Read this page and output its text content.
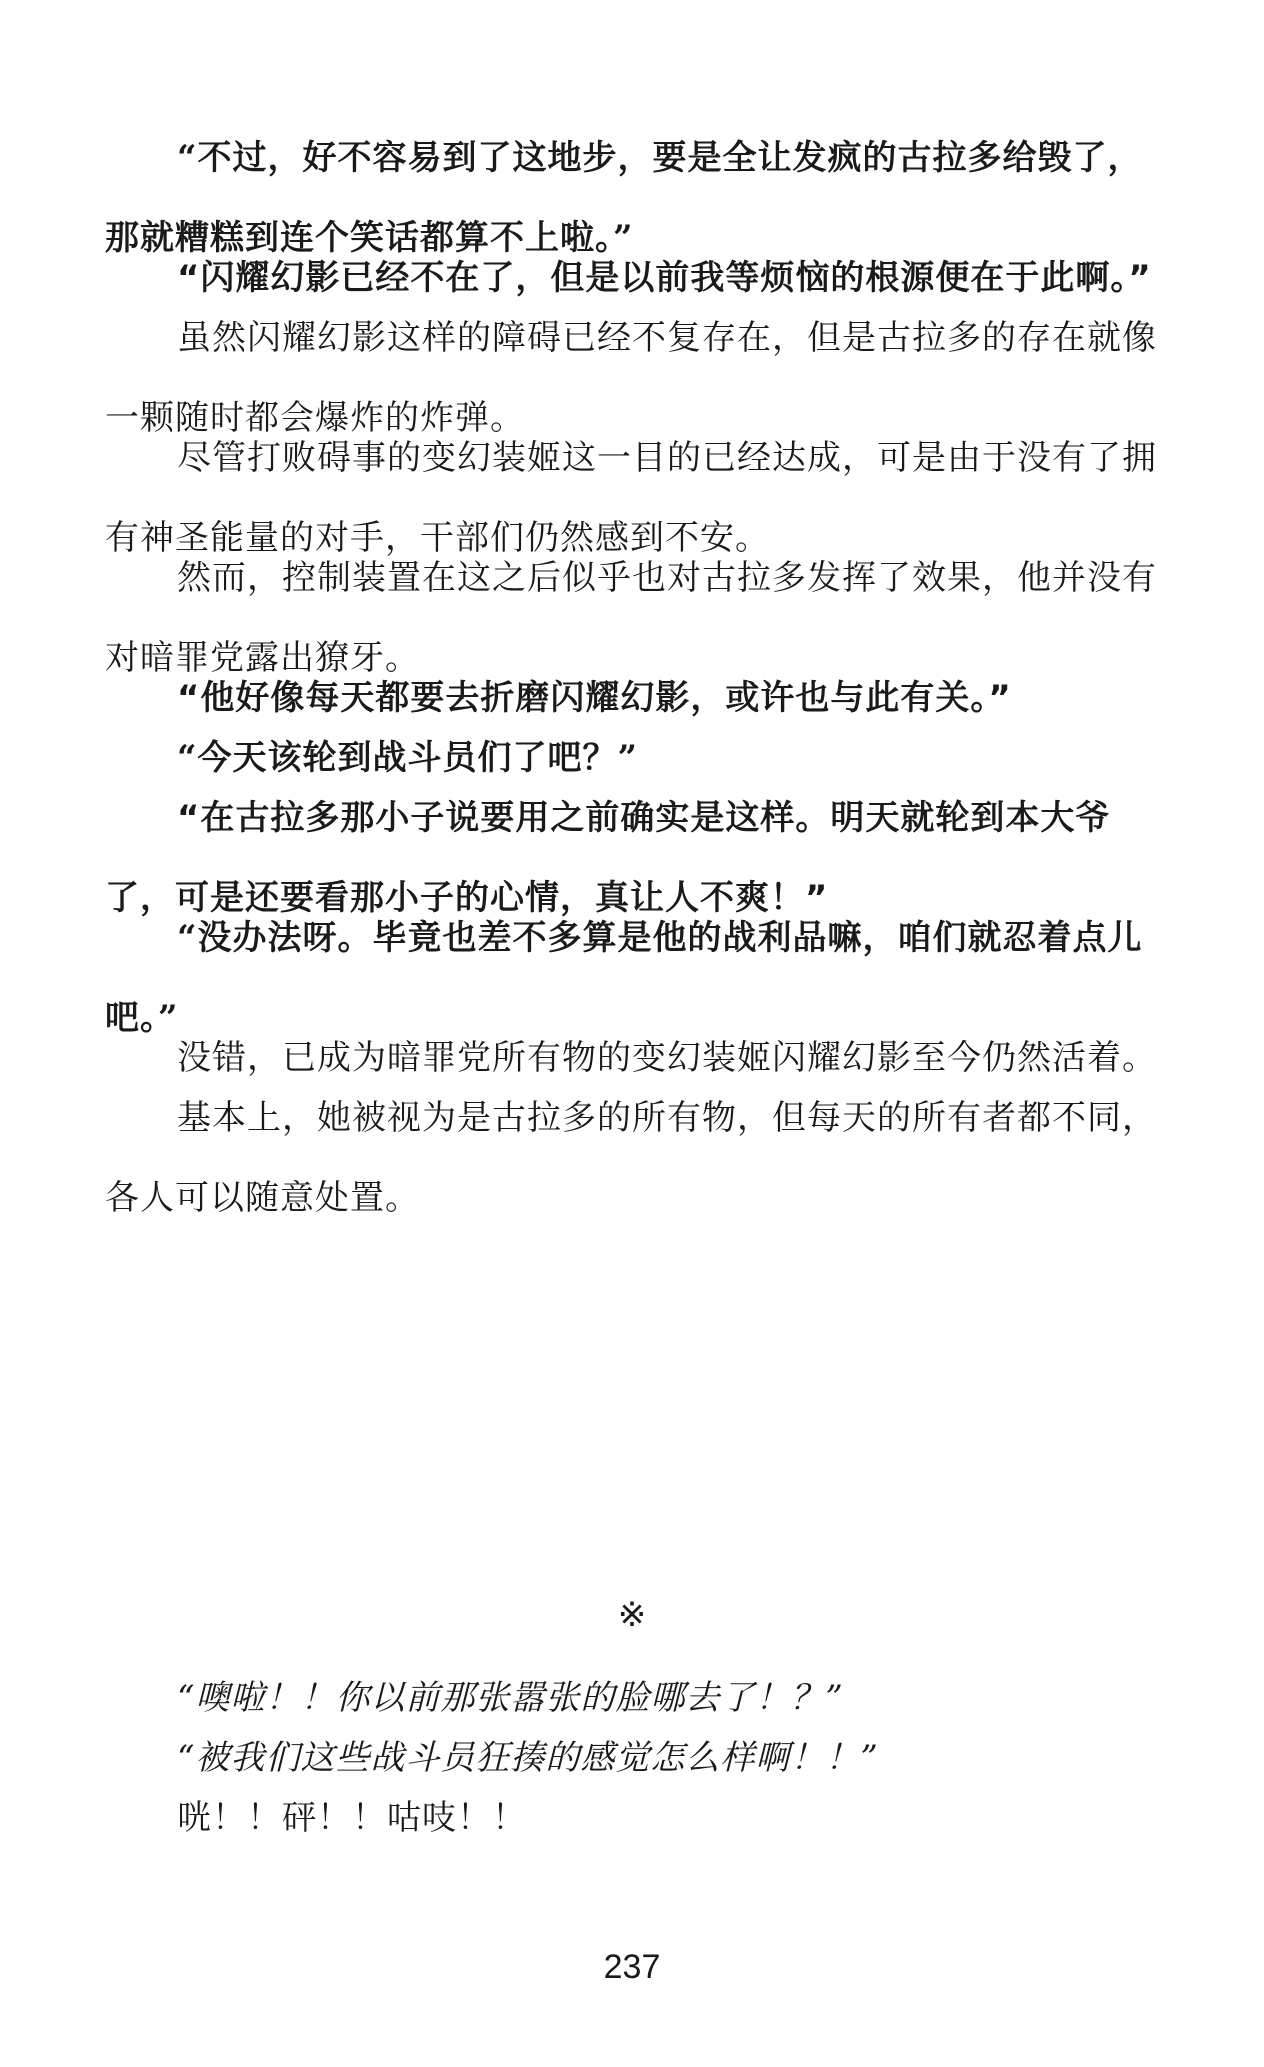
“不过，好不容易到了这地步，要是全让发疯的古拉多给毁了，那就糟糕到连个笑话都算不上啦。”

“闪耀幻影已经不在了，但是以前我等烦恼的根源便在于此啊。”

虽然闪耀幻影这样的障碍已经不复存在，但是古拉多的存在就像一颗随时都会爆炸的炸弹。

尽管打败碍事的变幻装姬这一目的已经达成，可是由于没有了拥有神圣能量的对手，干部们仍然感到不安。

然而，控制装置在这之后似乎也对古拉多发挥了效果，他并没有对暗罪党露出獠牙。

“他好像每天都要去折磨闪耀幻影，或许也与此有关。”

“今天该轮到战斗员们了吧？”

“在古拉多那小子说要用之前确实是这样。明天就轮到本大爷了，可是还要看那小子的心情，真让人不爽！”

“没办法呀。毕竟也差不多算是他的战利品嘛，咱们就忍着点儿吧。”

没错，已成为暗罪党所有物的变幻装姬闪耀幻影至今仍然活着。

基本上，她被视为是古拉多的所有物，但每天的所有者都不同，各人可以随意处置。

※

“噢啦！！你以前那张嚣张的脸哪去了！？”

“被我们这些战斗员狂揍的感觉怎么样啊！！”

咣！！砰！！咕吱！！

237
